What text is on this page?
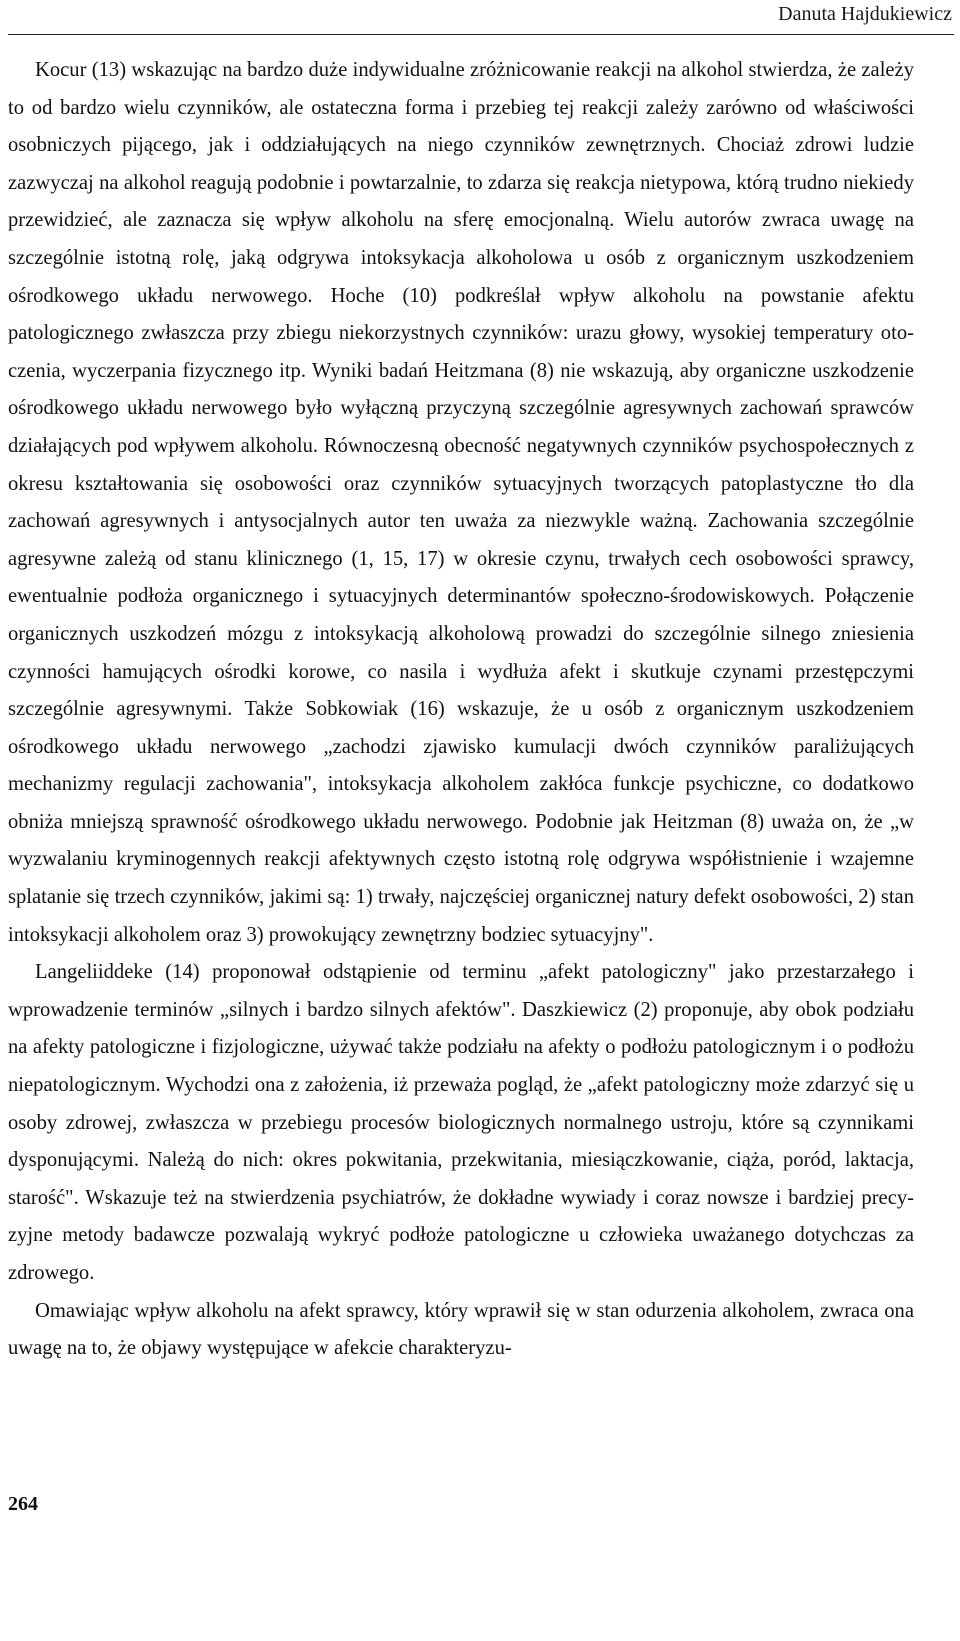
Danuta Hajdukiewicz

Kocur (13) wskazując na bardzo duże indywidualne zróżnicowanie reakcji na alkohol stwierdza, że zależy to od bardzo wielu czynników, ale ostateczna forma i przebieg tej reakcji zależy zarówno od właściwości osobniczych pijącego, jak i oddziałujących na niego czynników zewnętrznych. Chociaż zdrowi ludzie zazwyczaj na alkohol reagują podobnie i powtarzalnie, to zdarza się reakcja nietypowa, którą trudno niekiedy przewidzieć, ale zaznacza się wpływ alkoholu na sferę emocjonalną. Wielu autorów zwraca uwagę na szczególnie istotną rolę, jaką odgrywa intoksykacja alkoholowa u osób z organicznym uszkodzeniem ośrodkowego układu nerwowego. Hoche (10) podkreślał wpływ alkoholu na powstanie afektu patologicznego zwłaszcza przy zbiegu niekorzystnych czynników: urazu głowy, wysokiej temperatury otoczenia, wyczerpania fizycznego itp. Wyniki badań Heitzmana (8) nie wskazują, aby organiczne uszkodzenie ośrodkowego układu nerwowego było wyłączną przyczyną szczególnie agresywnych zachowań sprawców działających pod wpływem alkoholu. Równoczesną obecność negatywnych czynników psychospołecznych z okresu kształtowania się osobowości oraz czynników sytuacyjnych tworzących patoplastyczne tło dla zachowań agresywnych i antysocjalnych autor ten uważa za niezwykle ważną. Zachowania szczególnie agresywne zależą od stanu klinicznego (1, 15, 17) w okresie czynu, trwałych cech osobowości sprawcy, ewentualnie podłoża organicznego i sytuacyjnych determinantów społeczno-środowiskowych. Połączenie organicznych uszkodzeń mózgu z intoksykacją alkoholową prowadzi do szczególnie silnego zniesienia czynności hamujących ośrodki korowe, co nasila i wydłuża afekt i skutkuje czynami przestępczymi szczególnie agresywnymi. Także Sobkowiak (16) wskazuje, że u osób z organicznym uszkodzeniem ośrodkowego układu nerwowego „zachodzi zjawisko kumulacji dwóch czynników paraliżujących mechanizmy regulacji zachowania", intoksykacja alkoholem zakłóca funkcje psychiczne, co dodatkowo obniża mniejszą sprawność ośrodkowego układu nerwowego. Podobnie jak Heitzman (8) uważa on, że „w wyzwalaniu kryminogennych reakcji afektywnych często istotną rolę odgrywa współistnienie i wzajemne splatanie się trzech czynników, jakimi są: 1) trwały, najczęściej organicznej natury defekt osobowości, 2) stan intoksykacji alkoholem oraz 3) prowokujący zewnętrzny bodziec sytuacyjny".

Langeliiddeke (14) proponował odstąpienie od terminu „afekt patologiczny" jako przestarzałego i wprowadzenie terminów „silnych i bardzo silnych afektów". Daszkiewicz (2) proponuje, aby obok podziału na afekty patologiczne i fizjologiczne, używać także podziału na afekty o podłożu patologicznym i o podłożu niepatologicznym. Wychodzi ona z założenia, iż przeważa pogląd, że „afekt patologiczny może zdarzyć się u osoby zdrowej, zwłaszcza w przebiegu procesów biologicznych normalnego ustroju, które są czynnikami dysponującymi. Należą do nich: okres pokwitania, przekwitania, miesiączkowanie, ciąża, poród, laktacja, starość". Wskazuje też na stwierdzenia psychiatrów, że dokładne wywiady i coraz nowsze i bardziej precyzyjne metody badawcze pozwalają wykryć podłoże patologiczne u człowieka uważanego dotychczas za zdrowego.

Omawiając wpływ alkoholu na afekt sprawcy, który wprawił się w stan odurzenia alkoholem, zwraca ona uwagę na to, że objawy występujące w afekcie charakteryzu-

264
